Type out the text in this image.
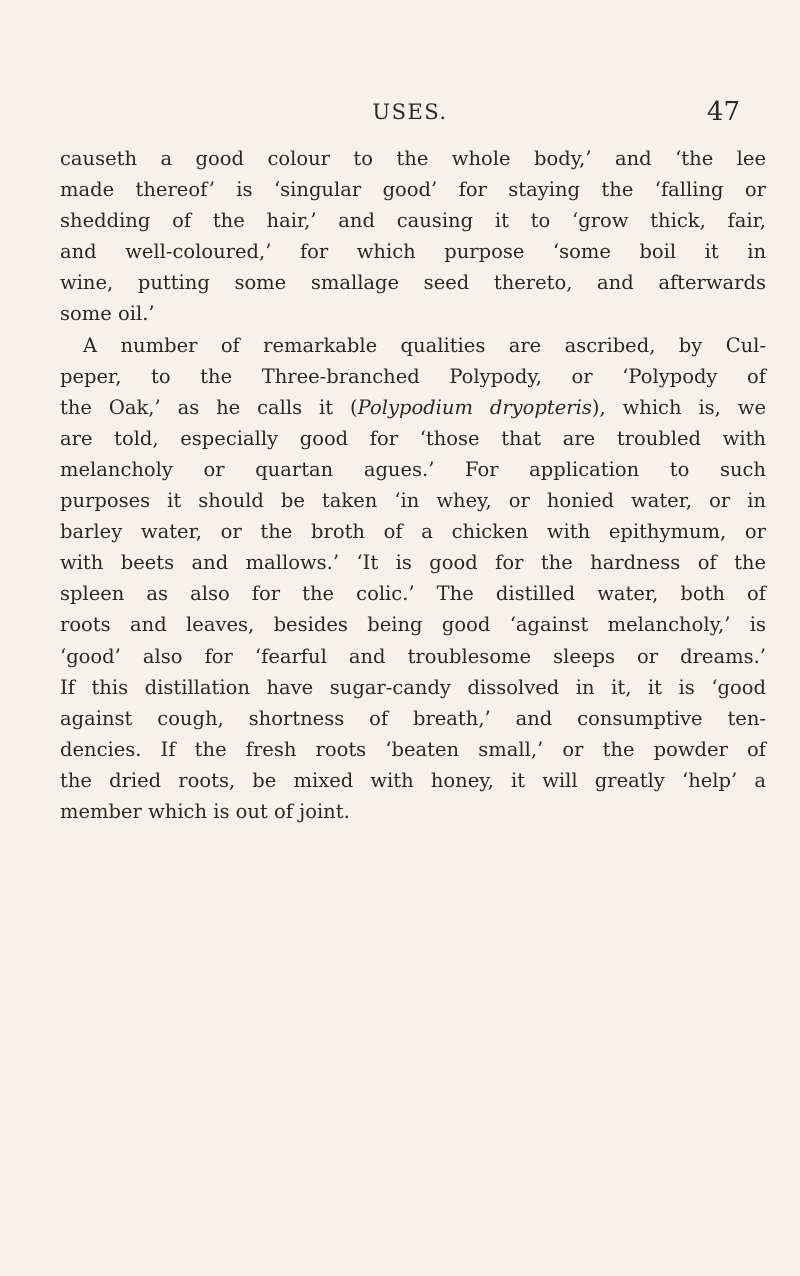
USES.	47
causeth a good colour to the whole body,’ and ‘the lee
made thereof’ is ‘singular good’ for staying the ‘falling or
shedding of the hair,’ and causing it to ‘grow thick, fair,
and well-coloured,’ for which purpose ‘some boil it in
wine, putting some smallage seed thereto, and afterwards
some oil.’
A number of remarkable qualities are ascribed, by Cul-
peper, to the Three-branched Polypody, or ‘Polypody of
the Oak,’ as he calls it (Polypodium dryopteris), which is, we
are told, especially good for ‘those that are troubled with
melancholy or quartan agues.’ For application to such
purposes it should be taken ‘in whey, or honied water, or in
barley water, or the broth of a chicken with epithymum, or
with beets and mallows.’ ‘It is good for the hardness of the
spleen as also for the colic.’ The distilled water, both of
roots and leaves, besides being good ‘against melancholy,’ is
‘good’ also for ‘fearful and troublesome sleeps or dreams.’
If this distillation have sugar-candy dissolved in it, it is ‘good
against cough, shortness of breath,’ and consumptive ten-
dencies. If the fresh roots ‘beaten small,’ or the powder of
the dried roots, be mixed with honey, it will greatly ‘help’ a
member which is out of joint.
